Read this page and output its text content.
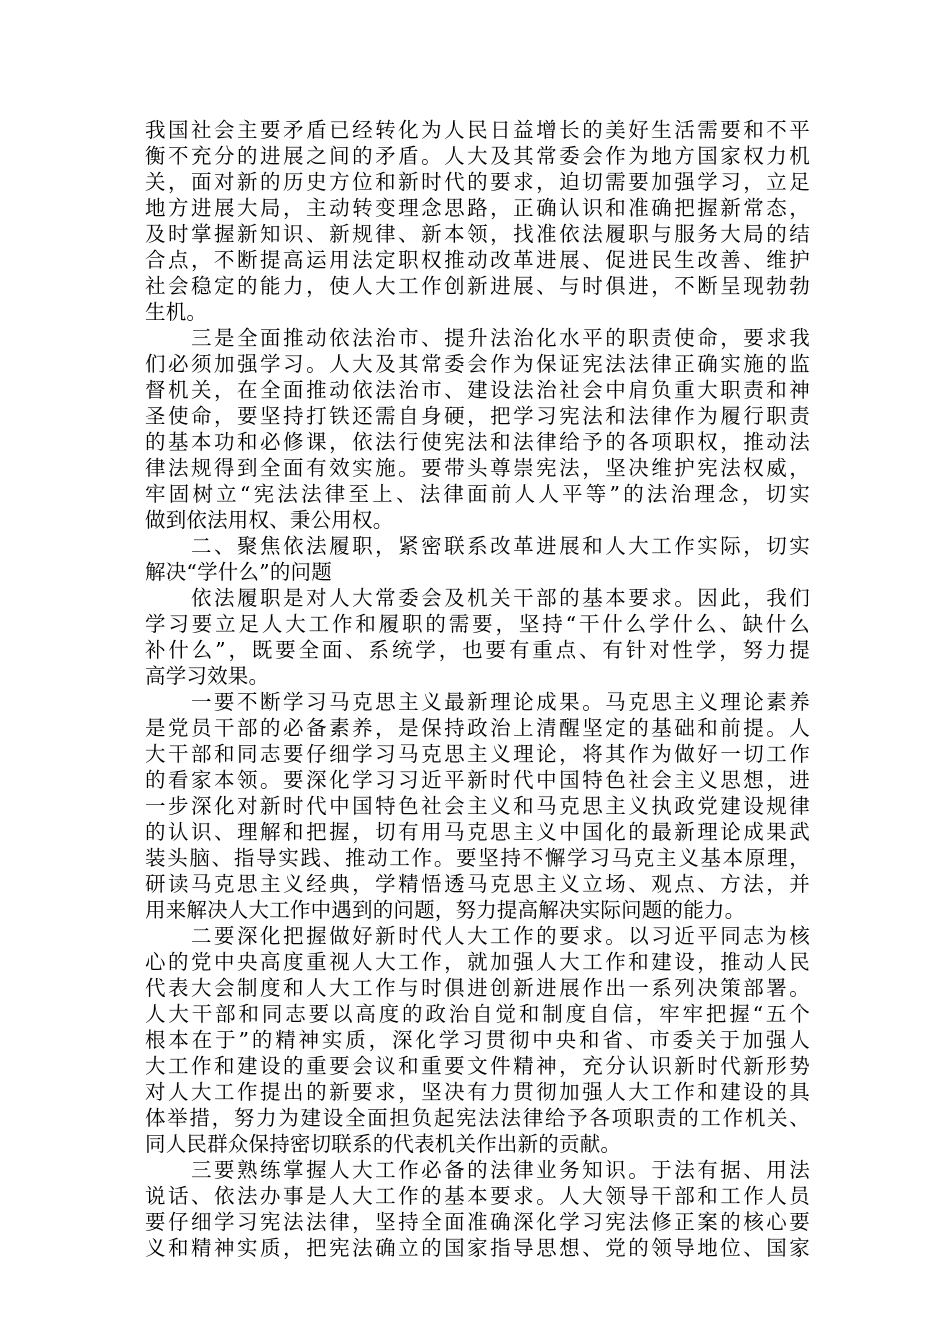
我国社会主要矛盾已经转化为人民日益增长的美好生活需要和不平
衡不充分的进展之间的矛盾。人大及其常委会作为地方国家权力机
关，面对新的历史方位和新时代的要求，迫切需要加强学习，立足
地方进展大局，主动转变理念思路，正确认识和准确把握新常态，
及时掌握新知识、新规律、新本领，找准依法履职与服务大局的结
合点，不断提高运用法定职权推动改革进展、促进民生改善、维护
社会稳定的能力，使人大工作创新进展、与时俱进，不断呈现勃勃
生机。
　　三是全面推动依法治市、提升法治化水平的职责使命，要求我
们必须加强学习。人大及其常委会作为保证宪法法律正确实施的监
督机关，在全面推动依法治市、建设法治社会中肩负重大职责和神
圣使命，要坚持打铁还需自身硬，把学习宪法和法律作为履行职责
的基本功和必修课，依法行使宪法和法律给予的各项职权，推动法
律法规得到全面有效实施。要带头尊崇宪法，坚决维护宪法权威，
牢固树立“宪法法律至上、法律面前人人平等”的法治理念，切实
做到依法用权、秉公用权。
　　二、聚焦依法履职，紧密联系改革进展和人大工作实际，切实
解决“学什么”的问题
　　依法履职是对人大常委会及机关干部的基本要求。因此，我们
学习要立足人大工作和履职的需要，坚持“干什么学什么、缺什么
补什么”，既要全面、系统学，也要有重点、有针对性学，努力提
高学习效果。
　　一要不断学习马克思主义最新理论成果。马克思主义理论素养
是党员干部的必备素养，是保持政治上清醒坚定的基础和前提。人
大干部和同志要仔细学习马克思主义理论，将其作为做好一切工作
的看家本领。要深化学习习近平新时代中国特色社会主义思想，进
一步深化对新时代中国特色社会主义和马克思主义执政党建设规律
的认识、理解和把握，切有用马克思主义中国化的最新理论成果武
装头脑、指导实践、推动工作。要坚持不懈学习马克主义基本原理，
研读马克思主义经典，学精悟透马克思主义立场、观点、方法，并
用来解决人大工作中遇到的问题，努力提高解决实际问题的能力。
　　二要深化把握做好新时代人大工作的要求。以习近平同志为核
心的党中央高度重视人大工作，就加强人大工作和建设，推动人民
代表大会制度和人大工作与时俱进创新进展作出一系列决策部署。
人大干部和同志要以高度的政治自觉和制度自信，牢牢把握“五个
根本在于”的精神实质，深化学习贯彻中央和省、市委关于加强人
大工作和建设的重要会议和重要文件精神，充分认识新时代新形势
对人大工作提出的新要求，坚决有力贯彻加强人大工作和建设的具
体举措，努力为建设全面担负起宪法法律给予各项职责的工作机关、
同人民群众保持密切联系的代表机关作出新的贡献。
　　三要熟练掌握人大工作必备的法律业务知识。于法有据、用法
说话、依法办事是人大工作的基本要求。人大领导干部和工作人员
要仔细学习宪法法律，坚持全面准确深化学习宪法修正案的核心要
义和精神实质，把宪法确立的国家指导思想、党的领导地位、国家
